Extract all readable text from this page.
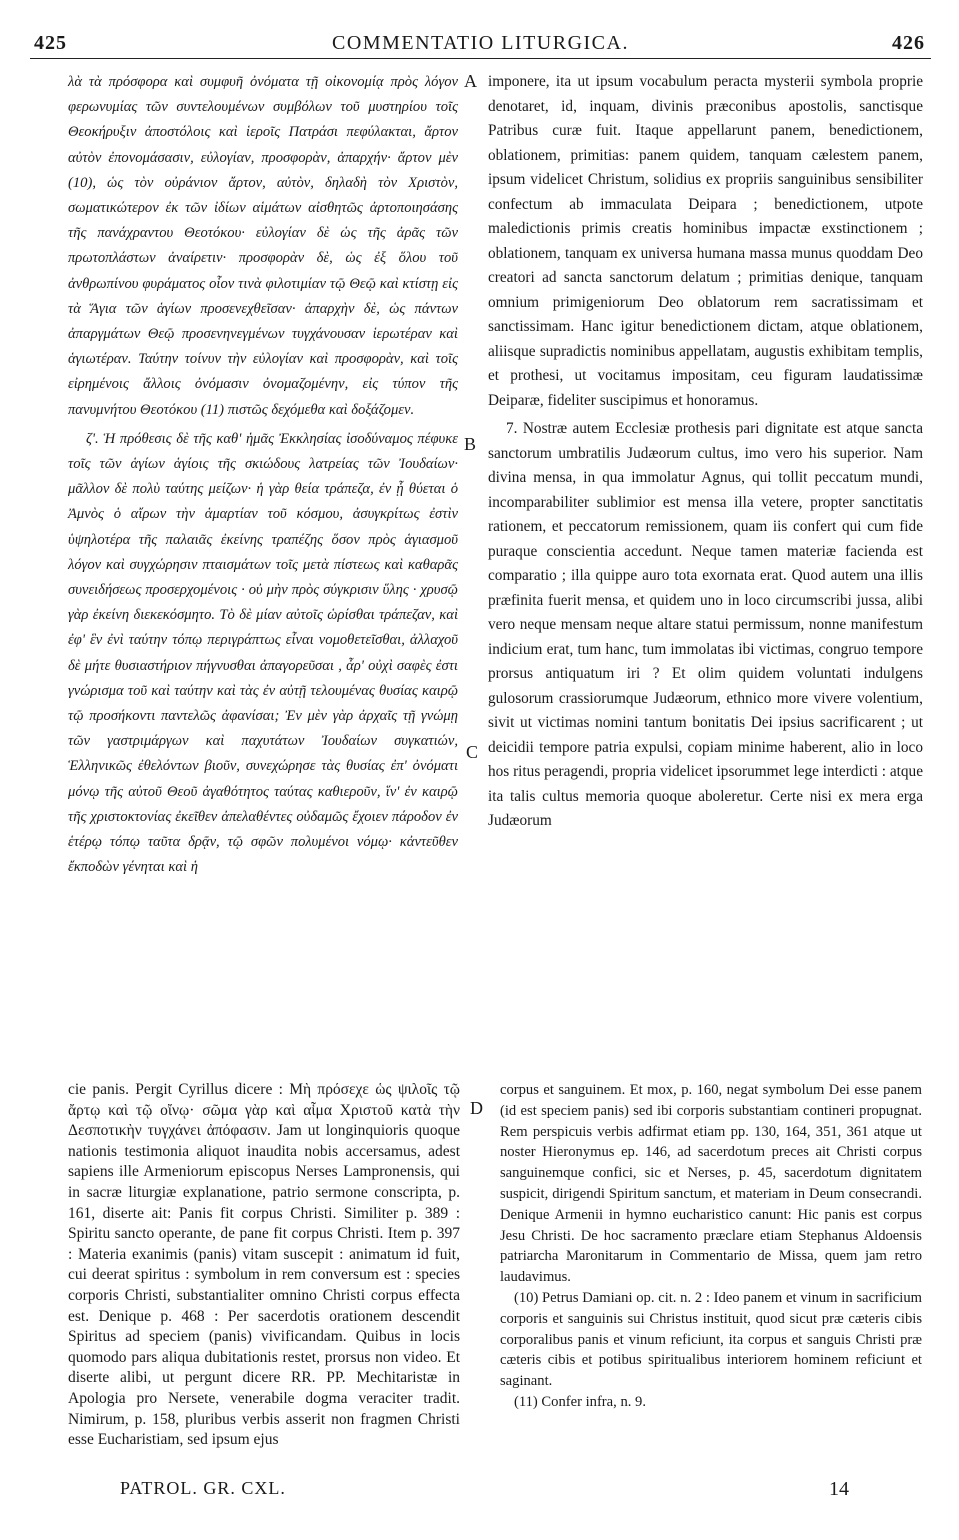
425	COMMENTATIO LITURGICA.	426

λὰ τὰ πρόσφορα καὶ συμφυῆ ὀνόματα τῇ οἰκονομίᾳ πρὸς λόγον φερωνυμίας τῶν συντελουμένων συμβόλων τοῦ μυστηρίου τοῖς Θεοκήρυξιν ἀποστόλοις καὶ ἱεροῖς Πατράσι πεφύλακται, ἄρτον αὐτὸν ἐπονομάσασιν, εὐλογίαν, προσφορὰν, ἀπαρχήν· ἄρτον μὲν (10), ὡς τὸν οὐράνιον ἄρτον, αὐτὸν, δηλαδὴ τὸν Χριστὸν, σωματικώτερον ἐκ τῶν ἰδίων αἱμάτων αἰσθητῶς ἀρτοποιησάσης τῆς πανάχραντου Θεοτόκου· εὐλογίαν δὲ ὡς τῆς ἀρᾶς τῶν πρωτοπλάστων ἀναίρετιν· προσφορὰν δὲ, ὡς ἐξ ὅλου τοῦ ἀνθρωπίνου φυράματος οἷον τινὰ φιλοτιμίαν τῷ Θεῷ καὶ κτίστῃ εἰς τὰ Ἅγια τῶν ἁγίων προσενεχθεῖσαν· ἀπαρχὴν δὲ, ὡς πάντων ἀπαργμάτων Θεῷ προσενηνεγμένων τυγχάνουσαν ἱερωτέραν καὶ ἁγιωτέραν. Ταύτην τοίνυν τὴν εὐλογίαν καὶ προσφορὰν, καὶ τοῖς εἰρημένοις ἄλλοις ὀνόμασιν ὀνομαζομένην, εἰς τύπον τῆς πανυμνήτου Θεοτόκου (11) πιστῶς δεχόμεθα καὶ δοξάζομεν.

ζ'. Ἡ πρόθεσις δὲ τῆς καθ' ἡμᾶς Ἐκκλησίας ἰσοδύναμος πέφυκε τοῖς τῶν ἁγίων ἁγίοις τῆς σκιώδους λατρείας τῶν Ἰουδαίων· μᾶλλον δὲ πολὺ ταύτης μείζων· ἡ γὰρ θεία τράπεζα, ἐν ᾗ θύεται ὁ Ἀμνὸς ὁ αἴρων τὴν ἁμαρτίαν τοῦ κόσμου, ἀσυγκρίτως ἐστὶν ὑψηλοτέρα τῆς παλαιᾶς ἐκείνης τραπέζης ὅσον πρὸς ἁγιασμοῦ λόγον καὶ συγχώρησιν πταισμάτων τοῖς μετὰ πίστεως καὶ καθαρᾶς συνειδήσεως προσερχομένοις · οὐ μὴν πρὸς σύγκρισιν ὕλης · χρυσῷ γὰρ ἐκείνη διεκεκόσμητο. Τὸ δὲ μίαν αὐτοῖς ὡρίσθαι τράπεζαν, καὶ ἐφ' ἓν ἐνὶ ταύτην τόπῳ περιγράπτως εἶναι νομοθετεῖσθαι, ἀλλαχοῦ δὲ μήτε θυσιαστήριον πήγνυσθαι ἀπαγορεῦσαι , ἆρ' οὐχὶ σαφὲς ἐστι γνώρισμα τοῦ καὶ ταύτην καὶ τὰς ἐν αὐτῇ τελουμένας θυσίας καιρῷ τῷ προσήκοντι παντελῶς ἀφανίσαι; Ἐν μὲν γὰρ ἀρχαῖς τῇ γνώμῃ τῶν γαστριμάργων καὶ παχυτάτων Ἰουδαίων συγκατιών, Ἑλληνικῶς ἐθελόντων βιοῦν, συνεχώρησε τὰς θυσίας ἐπ' ὀνόματι μόνῳ τῆς αὐτοῦ Θεοῦ ἀγαθότητος ταύτας καθιεροῦν, ἵν' ἐν καιρῷ τῆς χριστοκτονίας ἐκεῖθεν ἀπελαθέντες οὐδαμῶς ἔχοιεν πάροδον ἐν ἑτέρῳ τόπῳ ταῦτα δρᾷν, τῷ σφῶν πολυμένοι νόμῳ· κἀντεῦθεν ἔκποδὼν γένηται καὶ ἡ

imponere, ita ut ipsum vocabulum peracta mysterii symbola proprie denotaret, id, inquam, divinis præconibus apostolis, sanctisque Patribus curæ fuit. Itaque appellarunt panem, benedictionem, oblationem, primitias: panem quidem, tanquam cælestem panem, ipsum videlicet Christum, solidius ex propriis sanguinibus sensibiliter confectum ab immaculata Deipara ; benedictionem, utpote maledictionis primis creatis hominibus impactæ exstinctionem ; oblationem, tanquam ex universa humana massa munus quoddam Deo creatori ad sancta sanctorum delatum ; primitias denique, tanquam omnium primigeniorum Deo oblatorum rem sacratissimam et sanctissimam. Hanc igitur benedictionem dictam, atque oblationem, aliisque supradictis nominibus appellatam, augustis exhibitam templis, et prothesi, ut vocitamus impositam, ceu figuram laudatissimæ Deiparæ, fideliter suscipimus et honoramus.

7. Nostræ autem Ecclesiæ prothesis pari dignitate est atque sancta sanctorum umbratilis Judæorum cultus, imo vero his superior. Nam divina mensa, in qua immolatur Agnus, qui tollit peccatum mundi, incomparabiliter sublimior est mensa illa vetere, propter sanctitatis rationem, et peccatorum remissionem, quam iis confert qui cum fide puraque conscientia accedunt. Neque tamen materiæ facienda est comparatio ; illa quippe auro tota exornata erat. Quod autem una illis præfinita fuerit mensa, et quidem uno in loco circumscribi jussa, alibi vero neque mensam neque altare statui permissum, nonne manifestum indicium erat, tum hanc, tum immolatas ibi victimas, congruo tempore prorsus antiquatum iri ? Et olim quidem voluntati indulgens gulosorum crassiorumque Judæorum, ethnico more vivere volentium, sivit ut victimas nomini tantum bonitatis Dei ipsius sacrificarent ; ut deicidii tempore patria expulsi, copiam minime haberent, alio in loco hos ritus peragendi, propria videlicet ipsorummet lege interdicti : atque ita talis cultus memoria quoque aboleretur. Certe nisi ex mera erga Judæorum

A
B
C
D

cie panis. Pergit Cyrillus dicere : Μὴ πρόσεχε ὡς ψιλοῖς τῷ ἄρτῳ καὶ τῷ οἴνῳ· σῶμα γὰρ καὶ αἷμα Χριστοῦ κατὰ τὴν Δεσποτικὴν τυγχάνει ἀπόφασιν. Jam ut longinquioris quoque nationis testimonia aliquot inaudita nobis accersamus, adest sapiens ille Armeniorum episcopus Nerses Lampronensis, qui in sacræ liturgiæ explanatione, patrio sermone conscripta, p. 161, diserte ait: Panis fit corpus Christi. Similiter p. 389 : Spiritu sancto operante, de pane fit corpus Christi. Item p. 397 : Materia exanimis (panis) vitam suscepit : animatum id fuit, cui deerat spiritus : symbolum in rem conversum est : species corporis Christi, substantialiter omnino Christi corpus effecta est. Denique p. 468 : Per sacerdotis orationem descendit Spiritus ad speciem (panis) vivificandam. Quibus in locis quomodo pars aliqua dubitationis restet, prorsus non video. Et diserte alibi, ut pergunt dicere RR. PP. Mechitaristæ in Apologia pro Nersete, venerabile dogma veraciter tradit. Nimirum, p. 158, pluribus verbis asserit non fragmen Christi esse Eucharistiam, sed ipsum ejus

corpus et sanguinem. Et mox, p. 160, negat symbolum Dei esse panem (id est speciem panis) sed ibi corporis substantiam contineri propugnat. Rem perspicuis verbis adfirmat etiam pp. 130, 164, 351, 361 atque ut noster Hieronymus ep. 146, ad sacerdotum preces ait Christi corpus sanguinemque confici, sic et Nerses, p. 45, sacerdotum dignitatem suspicit, dirigendi Spiritum sanctum, et materiam in Deum consecrandi. Denique Armenii in hymno eucharistico canunt: Hic panis est corpus Jesu Christi. De hoc sacramento præclare etiam Stephanus Aldoensis patriarcha Maronitarum in Commentario de Missa, quem jam retro laudavimus.

(10) Petrus Damiani op. cit. n. 2 : Ideo panem et vinum in sacrificium corporis et sanguinis sui Christus instituit, quod sicut præ cæteris cibis corporalibus panis et vinum reficiunt, ita corpus et sanguis Christi præ cæteris cibis et potibus spiritualibus interiorem hominem reficiunt et saginant.

(11) Confer infra, n. 9.

PATROL. GR. CXL.	14
